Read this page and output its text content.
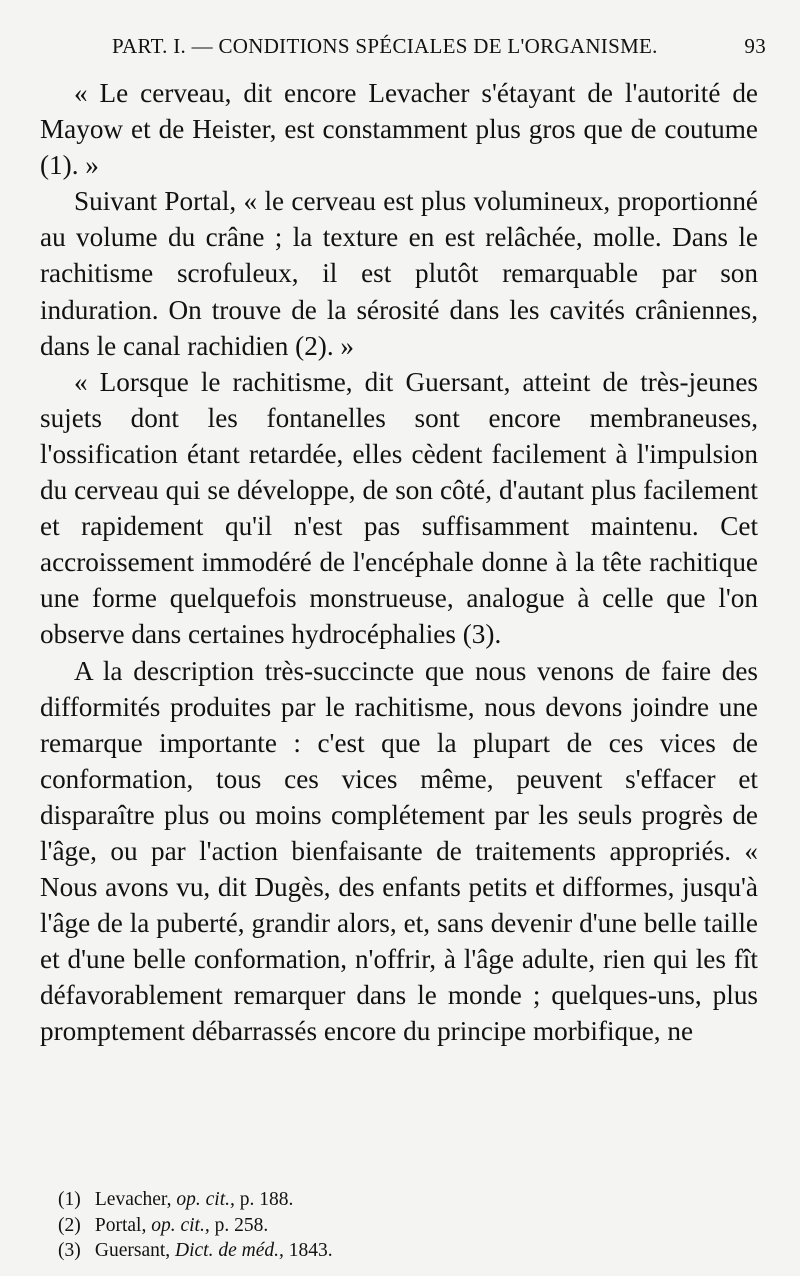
PART. I. — CONDITIONS SPÉCIALES DE L'ORGANISME.	93

« Le cerveau, dit encore Levacher s'étayant de l'autorité de Mayow et de Heister, est constamment plus gros que de coutume (1). »

Suivant Portal, « le cerveau est plus volumineux, proportionné au volume du crâne ; la texture en est relâchée, molle. Dans le rachitisme scrofuleux, il est plutôt remarquable par son induration. On trouve de la sérosité dans les cavités crâniennes, dans le canal rachidien (2). »

« Lorsque le rachitisme, dit Guersant, atteint de très-jeunes sujets dont les fontanelles sont encore membraneuses, l'ossification étant retardée, elles cèdent facilement à l'impulsion du cerveau qui se développe, de son côté, d'autant plus facilement et rapidement qu'il n'est pas suffisamment maintenu. Cet accroissement immodéré de l'encéphale donne à la tête rachitique une forme quelquefois monstrueuse, analogue à celle que l'on observe dans certaines hydrocéphalies (3).

A la description très-succincte que nous venons de faire des difformités produites par le rachitisme, nous devons joindre une remarque importante : c'est que la plupart de ces vices de conformation, tous ces vices même, peuvent s'effacer et disparaître plus ou moins complétement par les seuls progrès de l'âge, ou par l'action bienfaisante de traitements appropriés. « Nous avons vu, dit Dugès, des enfants petits et difformes, jusqu'à l'âge de la puberté, grandir alors, et, sans devenir d'une belle taille et d'une belle conformation, n'offrir, à l'âge adulte, rien qui les fît défavorablement remarquer dans le monde ; quelques-uns, plus promptement débarrassés encore du principe morbifique, ne

(1) Levacher, op. cit., p. 188.
(2) Portal, op. cit., p. 258.
(3) Guersant, Dict. de méd., 1843.
